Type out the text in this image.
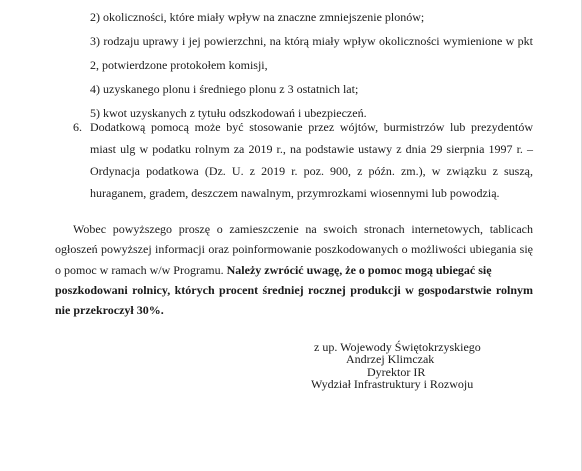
2) okoliczności, które miały wpływ na znaczne zmniejszenie plonów;
3) rodzaju uprawy i jej powierzchni, na którą miały wpływ okoliczności wymienione w pkt
2, potwierdzone protokołem komisji,
4) uzyskanego plonu i średniego plonu z 3 ostatnich lat;
5) kwot uzyskanych z tytułu odszkodowań i ubezpieczeń.
6. Dodatkową pomocą może być stosowanie przez wójtów, burmistrzów lub prezydentów
miast ulg w podatku rolnym za 2019 r., na podstawie ustawy z dnia 29 sierpnia 1997 r. –
Ordynacja podatkowa (Dz. U. z 2019 r. poz. 900, z późn. zm.), w związku z suszą,
huraganem, gradem, deszczem nawalnym, przymrozkami wiosennymi lub powodzią.
Wobec powyższego proszę o zamieszczenie na swoich stronach internetowych, tablicach
ogłoszeń powyższej informacji oraz poinformowanie poszkodowanych o możliwości ubiegania się
o pomoc w ramach w/w Programu. Należy zwrócić uwagę, że o pomoc mogą ubiegać się
poszkodowani rolnicy, których procent średniej rocznej produkcji w gospodarstwie rolnym
nie przekroczył 30%.
z up. Wojewody Świętokrzyskiego
Andrzej Klimczak
Dyrektor IR
Wydział Infrastruktury i Rozwoju
